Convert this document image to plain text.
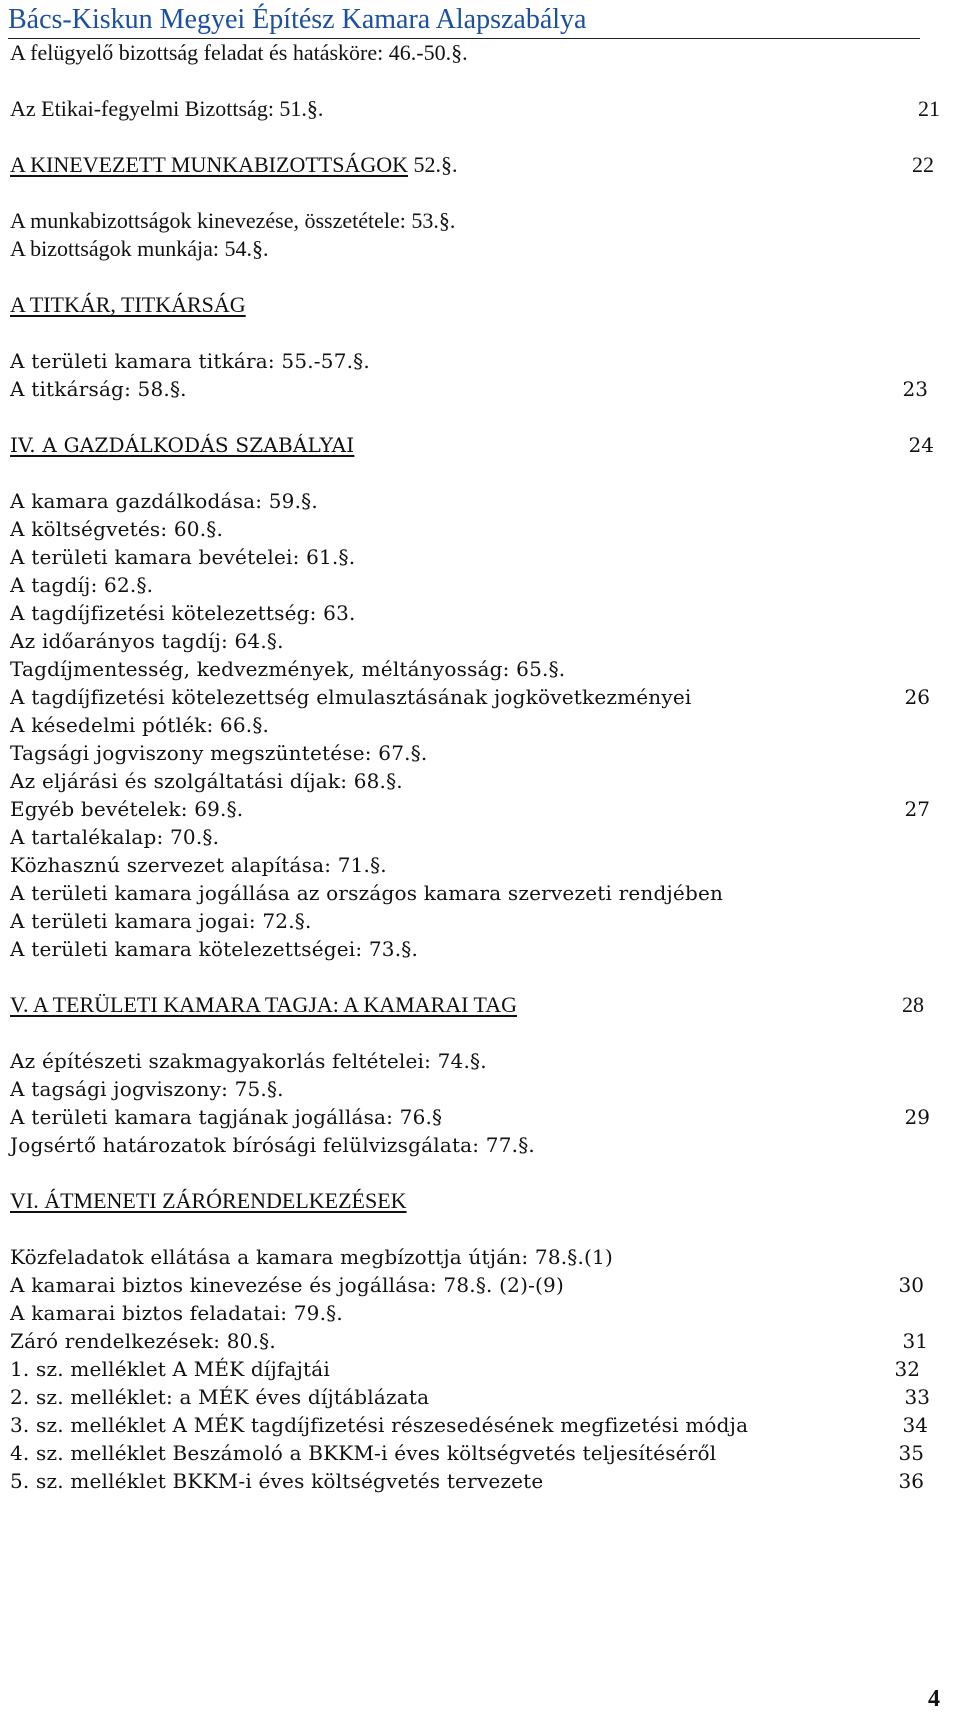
Bács-Kiskun Megyei Építész Kamara Alapszabálya
A felügyelő bizottság feladat és hatásköre: 46.-50.§.
Az Etikai-fegyelmi Bizottság: 51.§.	21
A KINEVEZETT MUNKABIZOTTSÁGOK 52.§.	22
A munkabizottságok kinevezése, összetétele: 53.§.
A bizottságok munkája: 54.§.
A TITKÁR, TITKÁRSÁG
A területi kamara titkára: 55.-57.§.
A titkárság: 58.§.	23
IV. A GAZDÁLKODÁS SZABÁLYAI	24
A kamara gazdálkodása: 59.§.
A költségvetés: 60.§.
A területi kamara bevételei: 61.§.
A tagdíj: 62.§.
A tagdíjfizetési kötelezettség: 63.
Az időarányos tagdíj: 64.§.
Tagdíjmentesség, kedvezmények, méltányosság: 65.§.
A tagdíjfizetési kötelezettség elmulasztásának jogkövetkezményei	26
A késedelmi pótlék: 66.§.
Tagsági jogviszony megszüntetése: 67.§.
Az eljárási és szolgáltatási díjak: 68.§.
Egyéb bevételek: 69.§.	27
A tartalékalap: 70.§.
Közhasznú szervezet alapítása: 71.§.
A területi kamara jogállása az országos kamara szervezeti rendjében
A területi kamara jogai: 72.§.
A területi kamara kötelezettségei: 73.§.
V. A TERÜLETI KAMARA TAGJA: A KAMARAI TAG	28
Az építészeti szakmagyakorlás feltételei: 74.§.
A tagsági jogviszony: 75.§.
A területi kamara tagjának jogállása: 76.§	29
Jogsértő határozatok bírósági felülvizsgálata: 77.§.
VI. ÁTMENETI ZÁRÓRENDELKEZÉSEK
Közfeladatok ellátása a kamara megbízottja útján: 78.§.(1)
A kamarai biztos kinevezése és jogállása: 78.§. (2)-(9)	30
A kamarai biztos feladatai: 79.§.
Záró rendelkezések: 80.§.	31
1. sz. melléklet A MÉK díjfajtái	32
2. sz. melléklet: a MÉK éves díjtáblázata	33
3. sz. melléklet A MÉK tagdíjfizetési részesedésének megfizetési módja	34
4. sz. melléklet Beszámoló a BKKM-i éves költségvetés teljesítéséről	35
5. sz. melléklet BKKM-i éves költségvetés tervezete	36
4
